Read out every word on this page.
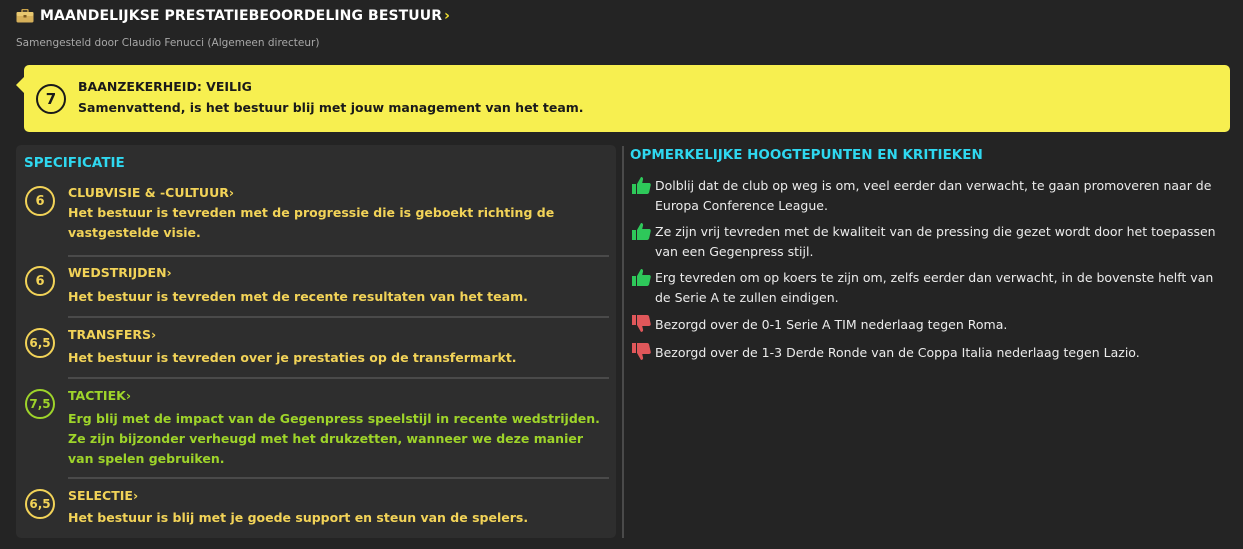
MAANDELIJKSE PRESTATIEBEOORDELING BESTUUR ›
Samengesteld door Claudio Fenucci (Algemeen directeur)
7
BAANZEKERHEID: VEILIG
Samenvattend, is het bestuur blij met jouw management van het team.
SPECIFICATIE
6
CLUBVISIE & -CULTUUR›
Het bestuur is tevreden met de progressie die is geboekt richting de vastgestelde visie.
6
WEDSTRIJDEN›
Het bestuur is tevreden met de recente resultaten van het team.
6,5
TRANSFERS›
Het bestuur is tevreden over je prestaties op de transfermarkt.
7,5
TACTIEK›
Erg blij met de impact van de Gegenpress speelstijl in recente wedstrijden. Ze zijn bijzonder verheugd met het drukzetten, wanneer we deze manier van spelen gebruiken.
6,5
SELECTIE›
Het bestuur is blij met je goede support en steun van de spelers.
OPMERKELIJKE HOOGTEPUNTEN EN KRITIEKEN
Dolblij dat de club op weg is om, veel eerder dan verwacht, te gaan promoveren naar de Europa Conference League.
Ze zijn vrij tevreden met de kwaliteit van de pressing die gezet wordt door het toepassen van een Gegenpress stijl.
Erg tevreden om op koers te zijn om, zelfs eerder dan verwacht, in de bovenste helft van de Serie A te zullen eindigen.
Bezorgd over de 0-1 Serie A TIM nederlaag tegen Roma.
Bezorgd over de 1-3 Derde Ronde van de Coppa Italia nederlaag tegen Lazio.
